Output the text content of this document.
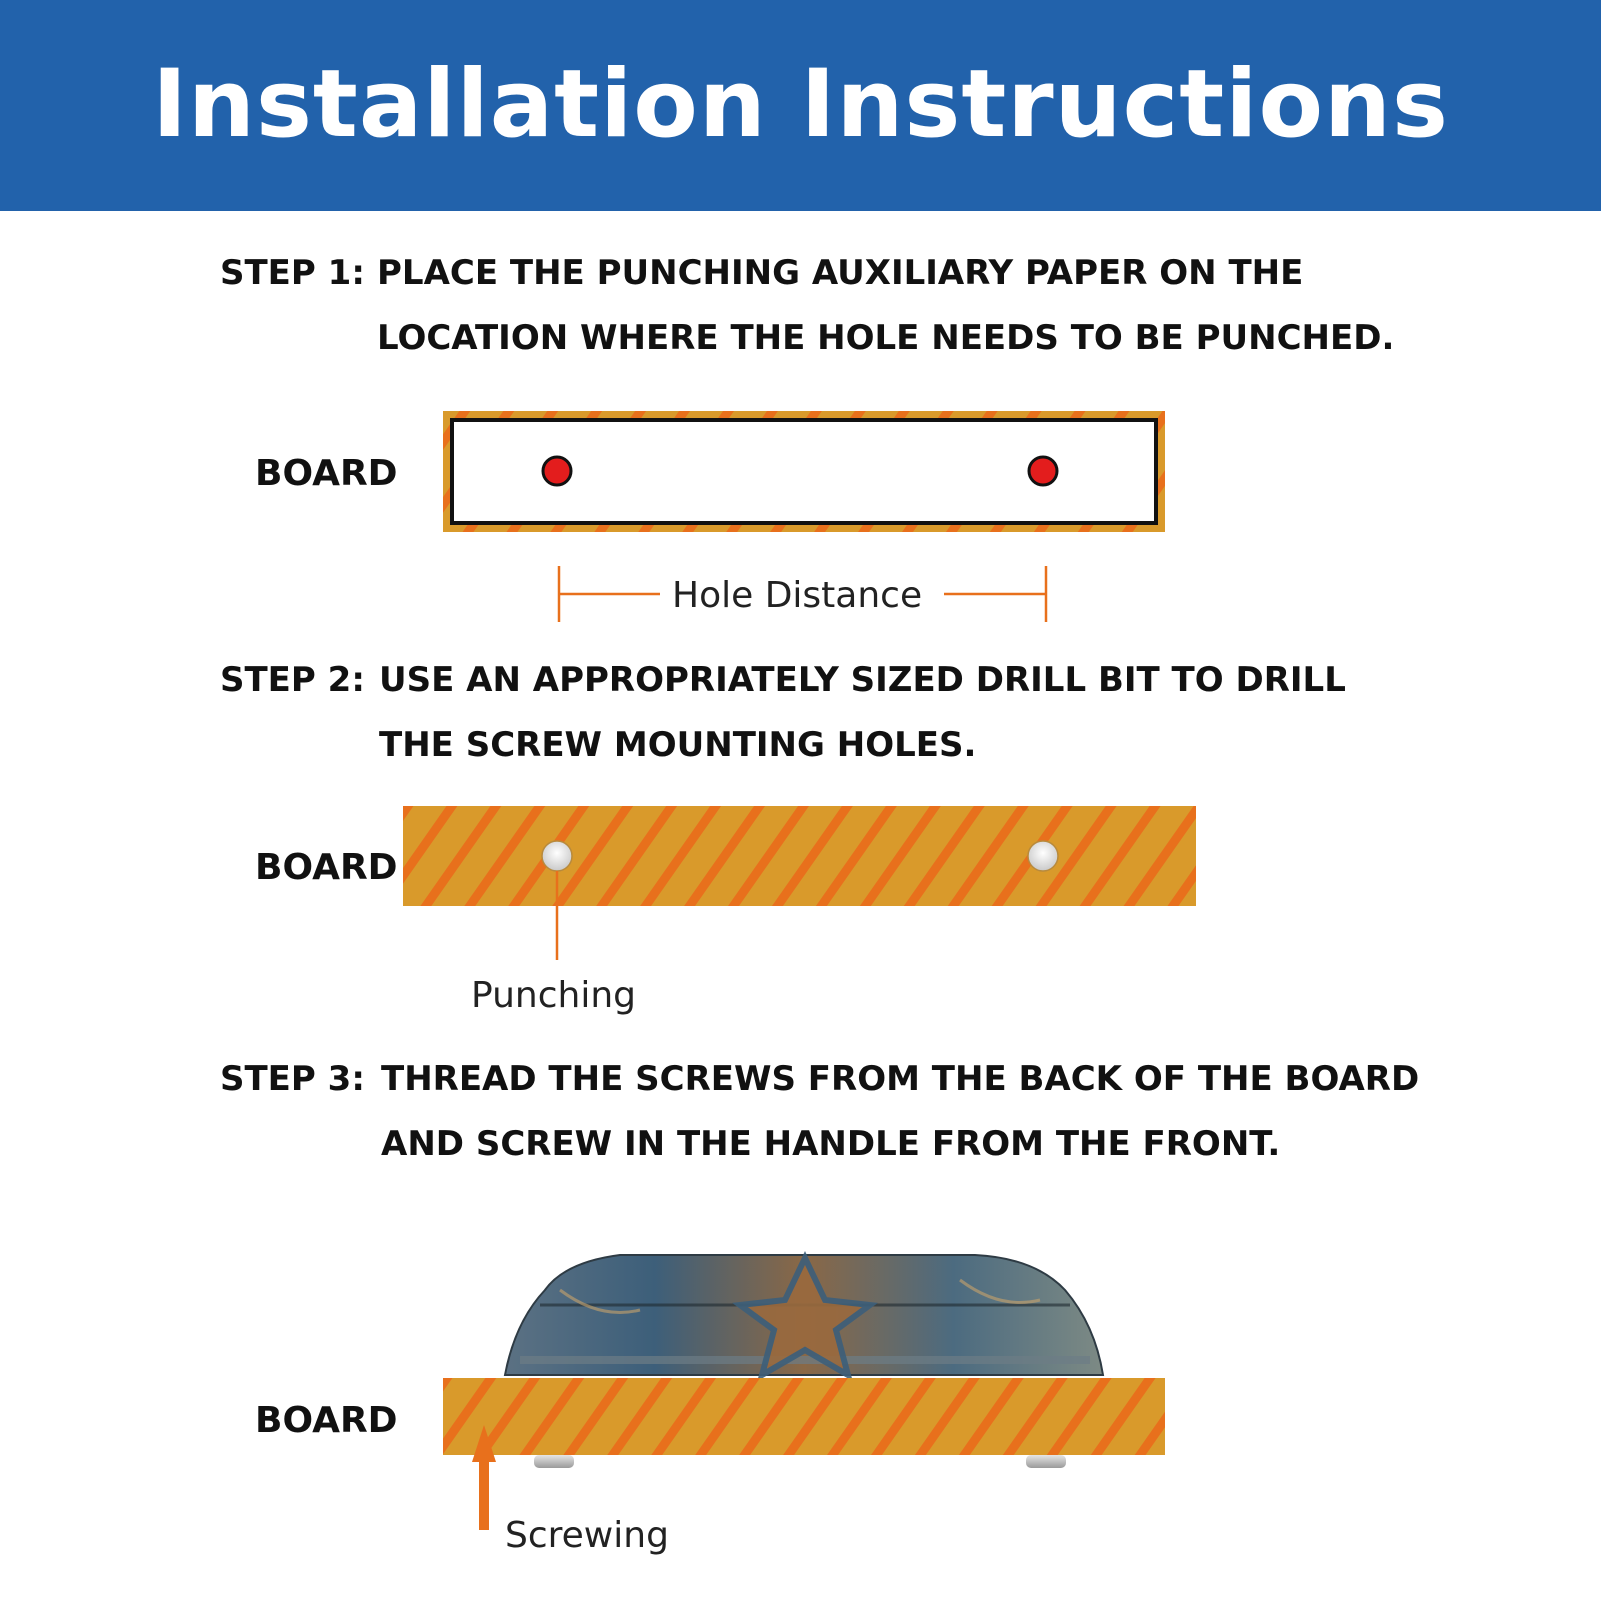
Installation Instructions
STEP 1: PLACE THE PUNCHING AUXILIARY PAPER ON THE
LOCATION WHERE THE HOLE NEEDS TO BE PUNCHED.
STEP 2: USE AN APPROPRIATELY SIZED DRILL BIT TO DRILL
THE SCREW MOUNTING HOLES.
STEP 3: THREAD THE SCREWS FROM THE BACK OF THE BOARD
AND SCREW IN THE HANDLE FROM THE FRONT.
BOARD
BOARD
BOARD
Hole Distance
Punching
Screwing
